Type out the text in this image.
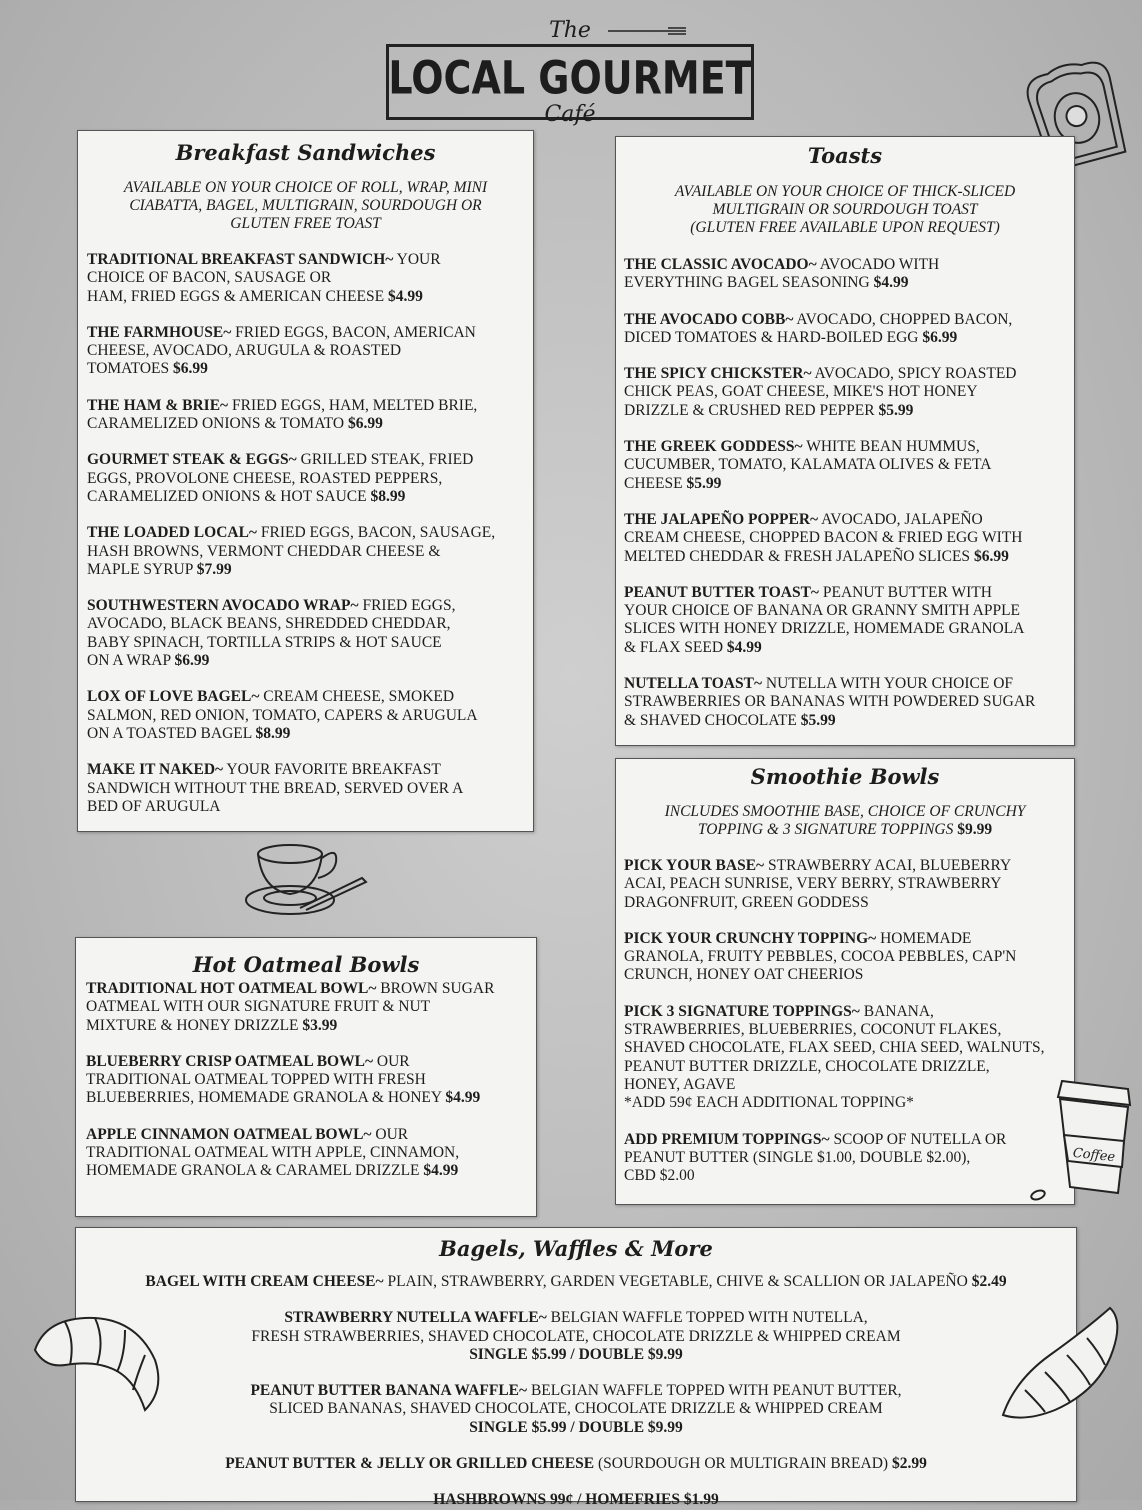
The
LOCAL GOURMET
Café
Breakfast Sandwiches
AVAILABLE ON YOUR CHOICE OF ROLL, WRAP, MINI
CIABATTA, BAGEL, MULTIGRAIN, SOURDOUGH OR
GLUTEN FREE TOAST

TRADITIONAL BREAKFAST SANDWICH~ YOUR
CHOICE OF BACON, SAUSAGE OR
HAM, FRIED EGGS & AMERICAN CHEESE $4.99

THE FARMHOUSE~ FRIED EGGS, BACON, AMERICAN
CHEESE, AVOCADO, ARUGULA & ROASTED
TOMATOES $6.99

THE HAM & BRIE~ FRIED EGGS, HAM, MELTED BRIE,
CARAMELIZED ONIONS & TOMATO $6.99

GOURMET STEAK & EGGS~ GRILLED STEAK, FRIED
EGGS, PROVOLONE CHEESE, ROASTED PEPPERS,
CARAMELIZED ONIONS & HOT SAUCE $8.99

THE LOADED LOCAL~ FRIED EGGS, BACON, SAUSAGE,
HASH BROWNS, VERMONT CHEDDAR CHEESE &
MAPLE SYRUP $7.99

SOUTHWESTERN AVOCADO WRAP~ FRIED EGGS,
AVOCADO, BLACK BEANS, SHREDDED CHEDDAR,
BABY SPINACH, TORTILLA STRIPS & HOT SAUCE
ON A WRAP $6.99

LOX OF LOVE BAGEL~ CREAM CHEESE, SMOKED
SALMON, RED ONION, TOMATO, CAPERS & ARUGULA
ON A TOASTED BAGEL $8.99

MAKE IT NAKED~ YOUR FAVORITE BREAKFAST
SANDWICH WITHOUT THE BREAD, SERVED OVER A
BED OF ARUGULA

Toasts
AVAILABLE ON YOUR CHOICE OF THICK-SLICED
MULTIGRAIN OR SOURDOUGH TOAST
(GLUTEN FREE AVAILABLE UPON REQUEST)

THE CLASSIC AVOCADO~ AVOCADO WITH
EVERYTHING BAGEL SEASONING $4.99

THE AVOCADO COBB~ AVOCADO, CHOPPED BACON,
DICED TOMATOES & HARD-BOILED EGG $6.99

THE SPICY CHICKSTER~ AVOCADO, SPICY ROASTED
CHICK PEAS, GOAT CHEESE, MIKE'S HOT HONEY
DRIZZLE & CRUSHED RED PEPPER $5.99

THE GREEK GODDESS~ WHITE BEAN HUMMUS,
CUCUMBER, TOMATO, KALAMATA OLIVES & FETA
CHEESE $5.99

THE JALAPEÑO POPPER~ AVOCADO, JALAPEÑO
CREAM CHEESE, CHOPPED BACON & FRIED EGG WITH
MELTED CHEDDAR & FRESH JALAPEÑO SLICES $6.99

PEANUT BUTTER TOAST~ PEANUT BUTTER WITH
YOUR CHOICE OF BANANA OR GRANNY SMITH APPLE
SLICES WITH HONEY DRIZZLE, HOMEMADE GRANOLA
& FLAX SEED $4.99

NUTELLA TOAST~ NUTELLA WITH YOUR CHOICE OF
STRAWBERRIES OR BANANAS WITH POWDERED SUGAR
& SHAVED CHOCOLATE $5.99

Smoothie Bowls
INCLUDES SMOOTHIE BASE, CHOICE OF CRUNCHY
TOPPING & 3 SIGNATURE TOPPINGS $9.99

PICK YOUR BASE~ STRAWBERRY ACAI, BLUEBERRY
ACAI, PEACH SUNRISE, VERY BERRY, STRAWBERRY
DRAGONFRUIT, GREEN GODDESS

PICK YOUR CRUNCHY TOPPING~ HOMEMADE
GRANOLA, FRUITY PEBBLES, COCOA PEBBLES, CAP'N
CRUNCH, HONEY OAT CHEERIOS

PICK 3 SIGNATURE TOPPINGS~ BANANA,
STRAWBERRIES, BLUEBERRIES, COCONUT FLAKES,
SHAVED CHOCOLATE, FLAX SEED, CHIA SEED, WALNUTS,
PEANUT BUTTER DRIZZLE, CHOCOLATE DRIZZLE,
HONEY, AGAVE
*ADD 59¢ EACH ADDITIONAL TOPPING*

ADD PREMIUM TOPPINGS~ SCOOP OF NUTELLA OR
PEANUT BUTTER (SINGLE $1.00, DOUBLE $2.00),
CBD $2.00

Coffee
Hot Oatmeal Bowls

TRADITIONAL HOT OATMEAL BOWL~ BROWN SUGAR
OATMEAL WITH OUR SIGNATURE FRUIT & NUT
MIXTURE & HONEY DRIZZLE $3.99

BLUEBERRY CRISP OATMEAL BOWL~ OUR
TRADITIONAL OATMEAL TOPPED WITH FRESH
BLUEBERRIES, HOMEMADE GRANOLA & HONEY $4.99

APPLE CINNAMON OATMEAL BOWL~ OUR
TRADITIONAL OATMEAL WITH APPLE, CINNAMON,
HOMEMADE GRANOLA & CARAMEL DRIZZLE $4.99

Bagels, Waffles & More

BAGEL WITH CREAM CHEESE~ PLAIN, STRAWBERRY, GARDEN VEGETABLE, CHIVE & SCALLION OR JALAPEÑO $2.49

STRAWBERRY NUTELLA WAFFLE~ BELGIAN WAFFLE TOPPED WITH NUTELLA,
FRESH STRAWBERRIES, SHAVED CHOCOLATE, CHOCOLATE DRIZZLE & WHIPPED CREAM
SINGLE $5.99 / DOUBLE $9.99

PEANUT BUTTER BANANA WAFFLE~ BELGIAN WAFFLE TOPPED WITH PEANUT BUTTER,
SLICED BANANAS, SHAVED CHOCOLATE, CHOCOLATE DRIZZLE & WHIPPED CREAM
SINGLE $5.99 / DOUBLE $9.99

PEANUT BUTTER & JELLY OR GRILLED CHEESE (SOURDOUGH OR MULTIGRAIN BREAD) $2.99

HASHBROWNS 99¢ / HOMEFRIES $1.99
